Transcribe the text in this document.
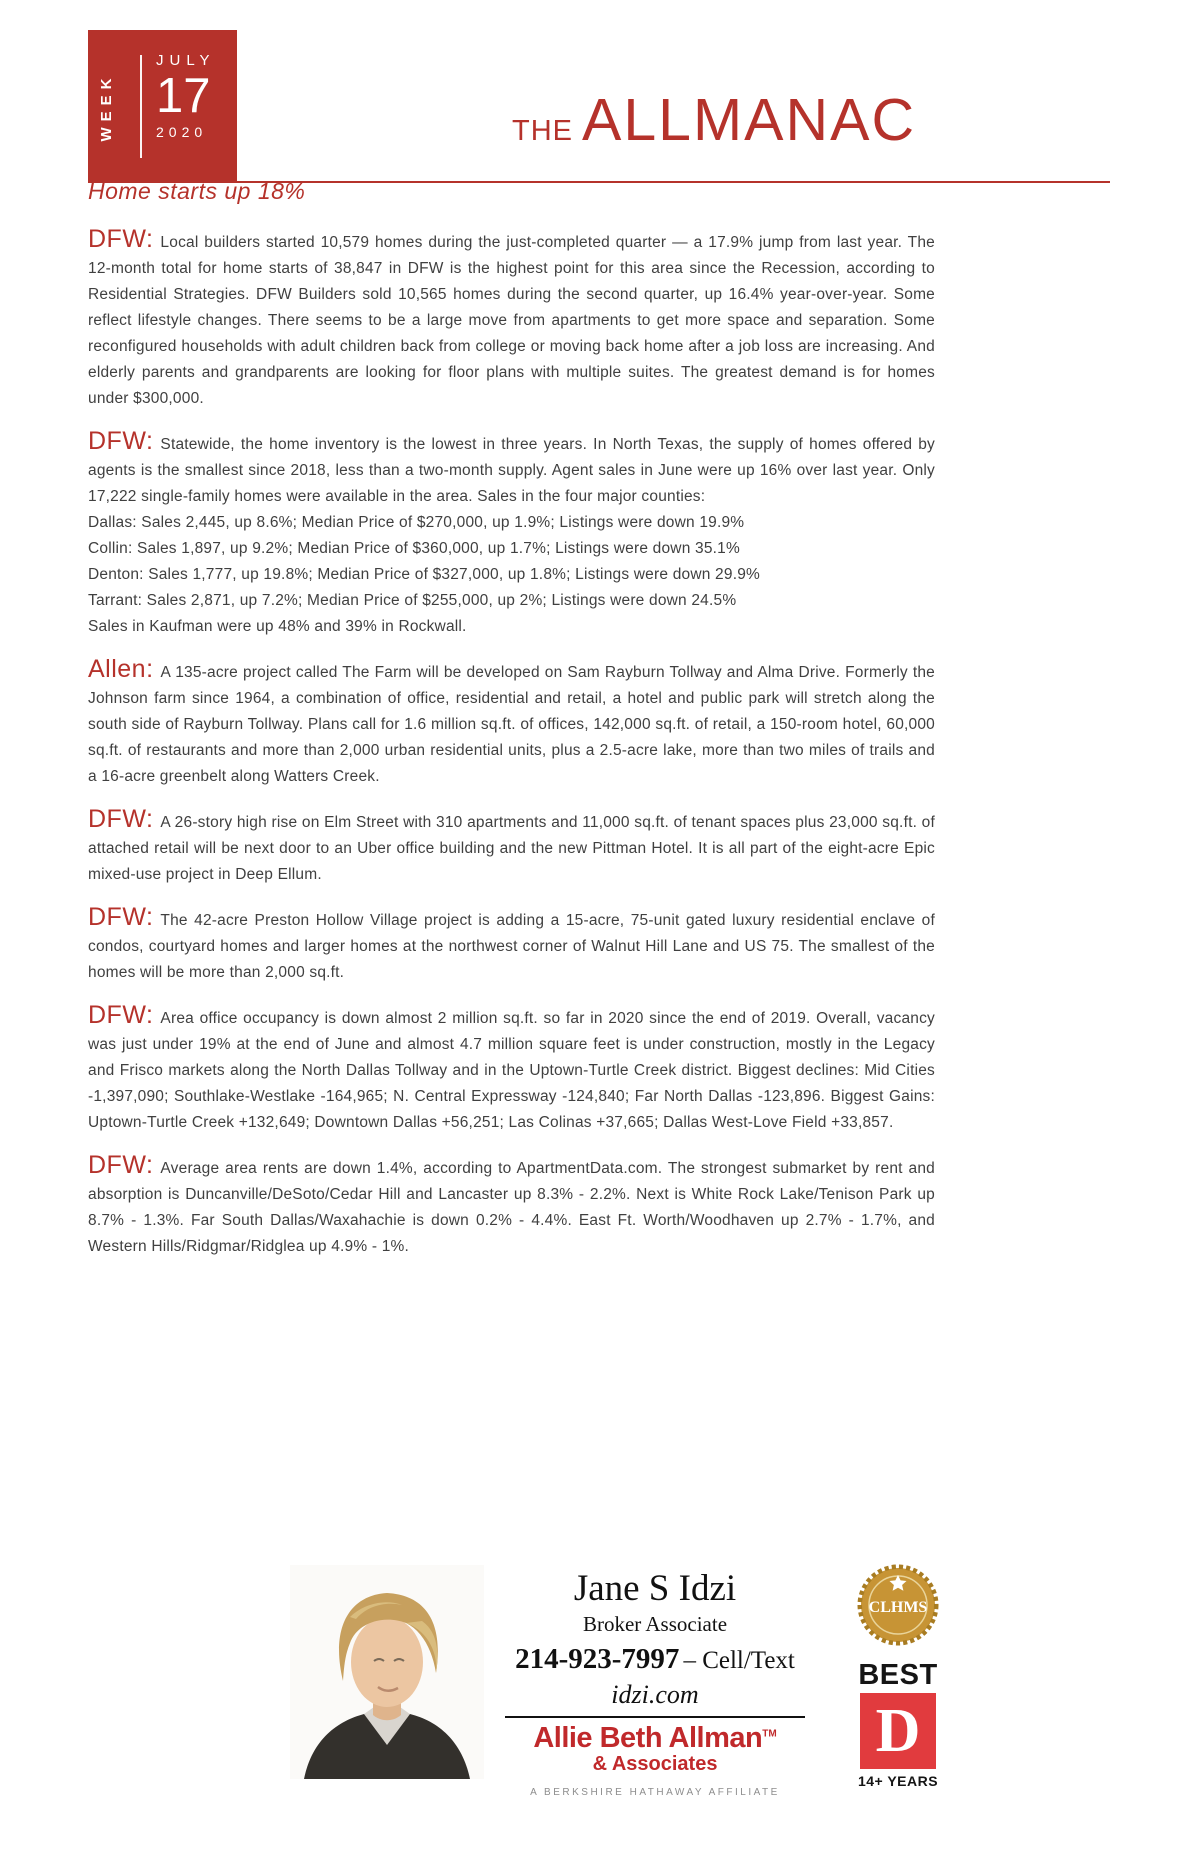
WEEK
JULY
17
2020	THE ALLMANAC
Home starts up 18%

DFW: Local builders started 10,579 homes during the just-completed quarter — a 17.9% jump from last year. The 12-month total for home starts of 38,847 in DFW is the highest point for this area since the Recession, according to Residential Strategies. DFW Builders sold 10,565 homes during the second quarter, up 16.4% year-over-year. Some reflect lifestyle changes. There seems to be a large move from apartments to get more space and separation. Some reconfigured households with adult children back from college or moving back home after a job loss are increasing. And elderly parents and grandparents are looking for floor plans with multiple suites. The greatest demand is for homes under $300,000.

DFW: Statewide, the home inventory is the lowest in three years. In North Texas, the supply of homes offered by agents is the smallest since 2018, less than a two-month supply. Agent sales in June were up 16% over last year. Only 17,222 single-family homes were available in the area. Sales in the four major counties:

Dallas: Sales 2,445, up 8.6%; Median Price of $270,000, up 1.9%; Listings were down 19.9%
Collin: Sales 1,897, up 9.2%; Median Price of $360,000, up 1.7%; Listings were down 35.1%
Denton: Sales 1,777, up 19.8%; Median Price of $327,000, up 1.8%; Listings were down 29.9%
Tarrant: Sales 2,871, up 7.2%; Median Price of $255,000, up 2%; Listings were down 24.5%
Sales in Kaufman were up 48% and 39% in Rockwall.

Allen: A 135-acre project called The Farm will be developed on Sam Rayburn Tollway and Alma Drive. Formerly the Johnson farm since 1964, a combination of office, residential and retail, a hotel and public park will stretch along the south side of Rayburn Tollway. Plans call for 1.6 million sq.ft. of offices, 142,000 sq.ft. of retail, a 150-room hotel, 60,000 sq.ft. of restaurants and more than 2,000 urban residential units, plus a 2.5-acre lake, more than two miles of trails and a 16-acre greenbelt along Watters Creek.

DFW: A 26-story high rise on Elm Street with 310 apartments and 11,000 sq.ft. of tenant spaces plus 23,000 sq.ft. of attached retail will be next door to an Uber office building and the new Pittman Hotel. It is all part of the eight-acre Epic mixed-use project in Deep Ellum.

DFW: The 42-acre Preston Hollow Village project is adding a 15-acre, 75-unit gated luxury residential enclave of condos, courtyard homes and larger homes at the northwest corner of Walnut Hill Lane and US 75. The smallest of the homes will be more than 2,000 sq.ft.

DFW: Area office occupancy is down almost 2 million sq.ft. so far in 2020 since the end of 2019. Overall, vacancy was just under 19% at the end of June and almost 4.7 million square feet is under construction, mostly in the Legacy and Frisco markets along the North Dallas Tollway and in the Uptown-Turtle Creek district. Biggest declines: Mid Cities -1,397,090; Southlake-Westlake -164,965; N. Central Expressway -124,840; Far North Dallas -123,896. Biggest Gains: Uptown-Turtle Creek +132,649; Downtown Dallas +56,251; Las Colinas +37,665; Dallas West-Love Field +33,857.

DFW: Average area rents are down 1.4%, according to ApartmentData.com. The strongest submarket by rent and absorption is Duncanville/DeSoto/Cedar Hill and Lancaster up 8.3% - 2.2%. Next is White Rock Lake/Tenison Park up 8.7% - 1.3%. Far South Dallas/Waxahachie is down 0.2% - 4.4%. East Ft. Worth/Woodhaven up 2.7% - 1.7%, and Western Hills/Ridgmar/Ridglea up 4.9% - 1%.

Jane S Idzi
Broker Associate
214-923-7997 – Cell/Text
idzi.com
Allie Beth Allman™
& Associates
A BERKSHIRE HATHAWAY AFFILIATE
CLHMS
BEST
D
14+ YEARS
